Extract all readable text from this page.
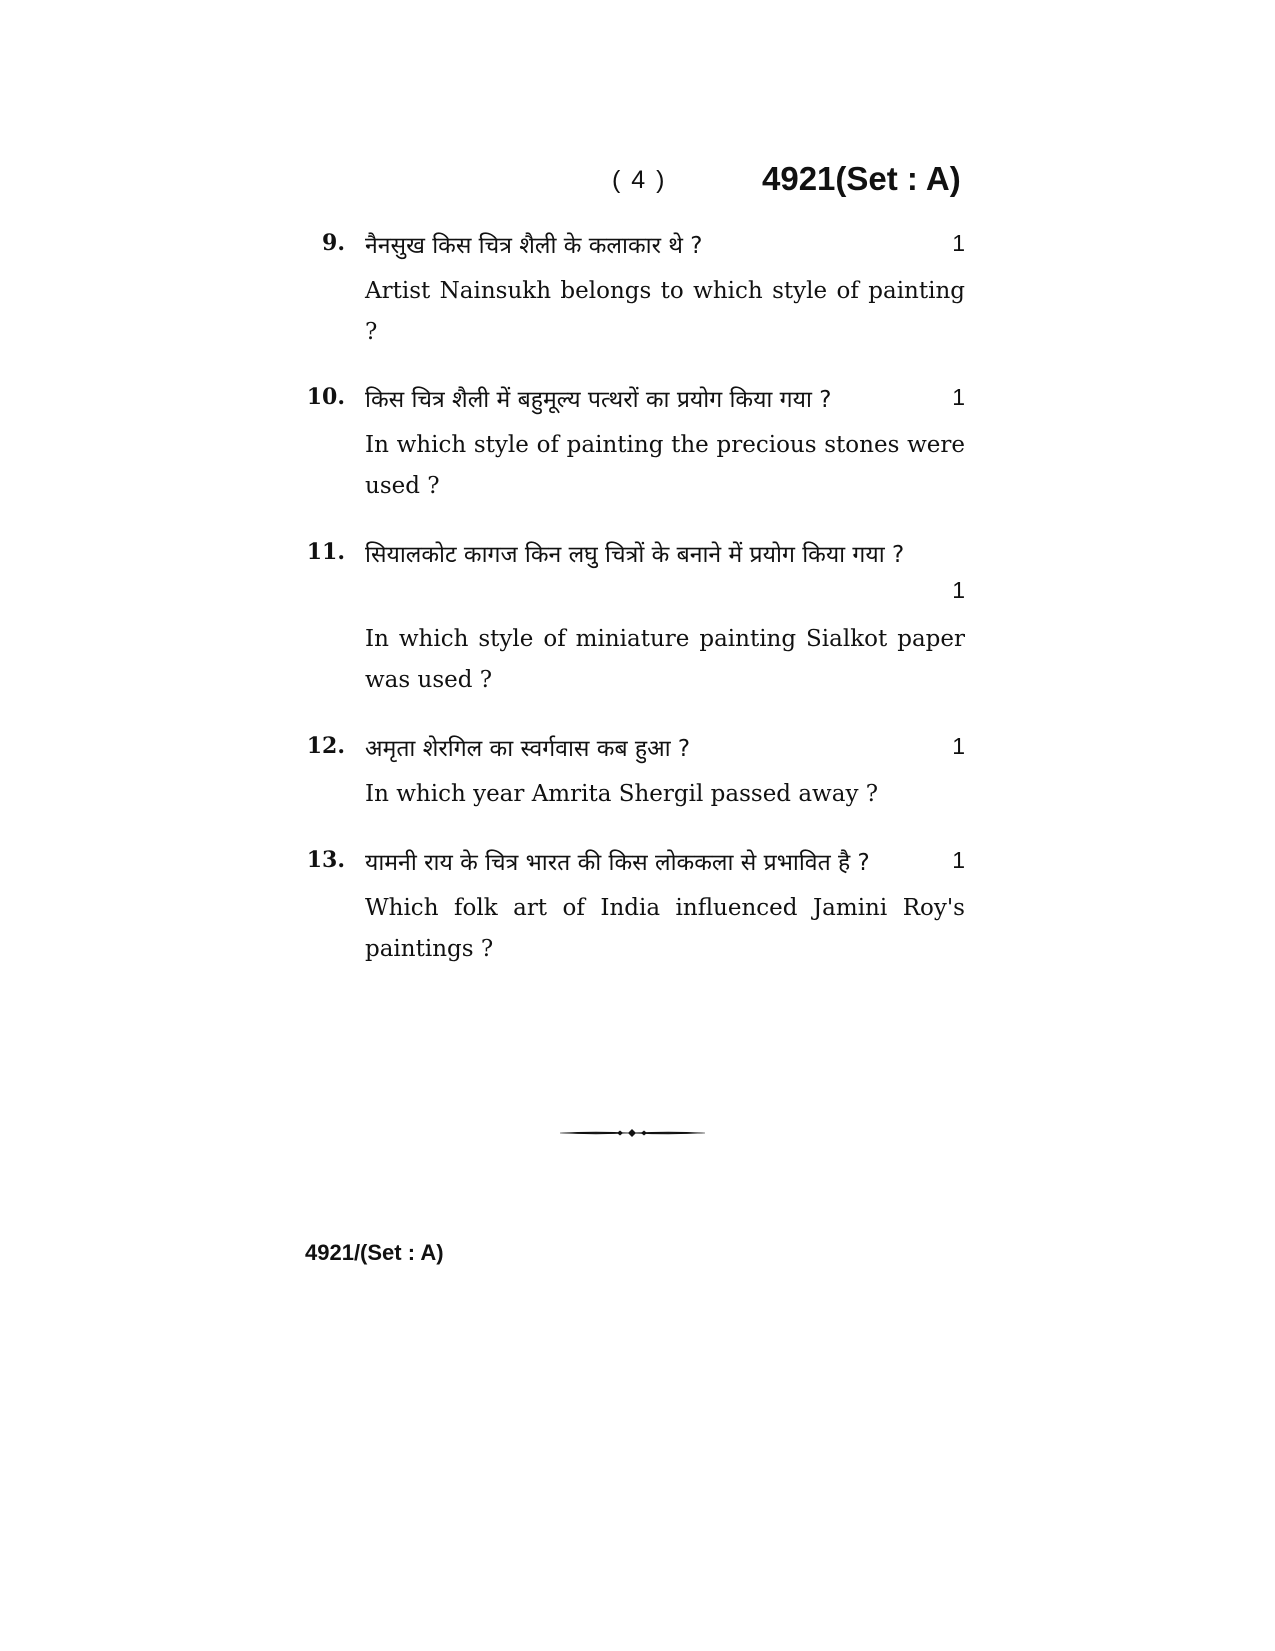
( 4 )	4921(Set : A)
9. नैनसुख किस चित्र शैली के कलाकार थे ?	1
Artist Nainsukh belongs to which style of painting ?
10. किस चित्र शैली में बहुमूल्य पत्थरों का प्रयोग किया गया ?	1
In which style of painting the precious stones were used ?
11. सियालकोट कागज किन लघु चित्रों के बनाने में प्रयोग किया गया ?
1
In which style of miniature painting Sialkot paper was used ?
12. अमृता शेरगिल का स्वर्गवास कब हुआ ?	1
In which year Amrita Shergil passed away ?
13. यामनी राय के चित्र भारत की किस लोककला से प्रभावित है ?	1
Which folk art of India influenced Jamini Roy's paintings ?
4921/(Set : A)
